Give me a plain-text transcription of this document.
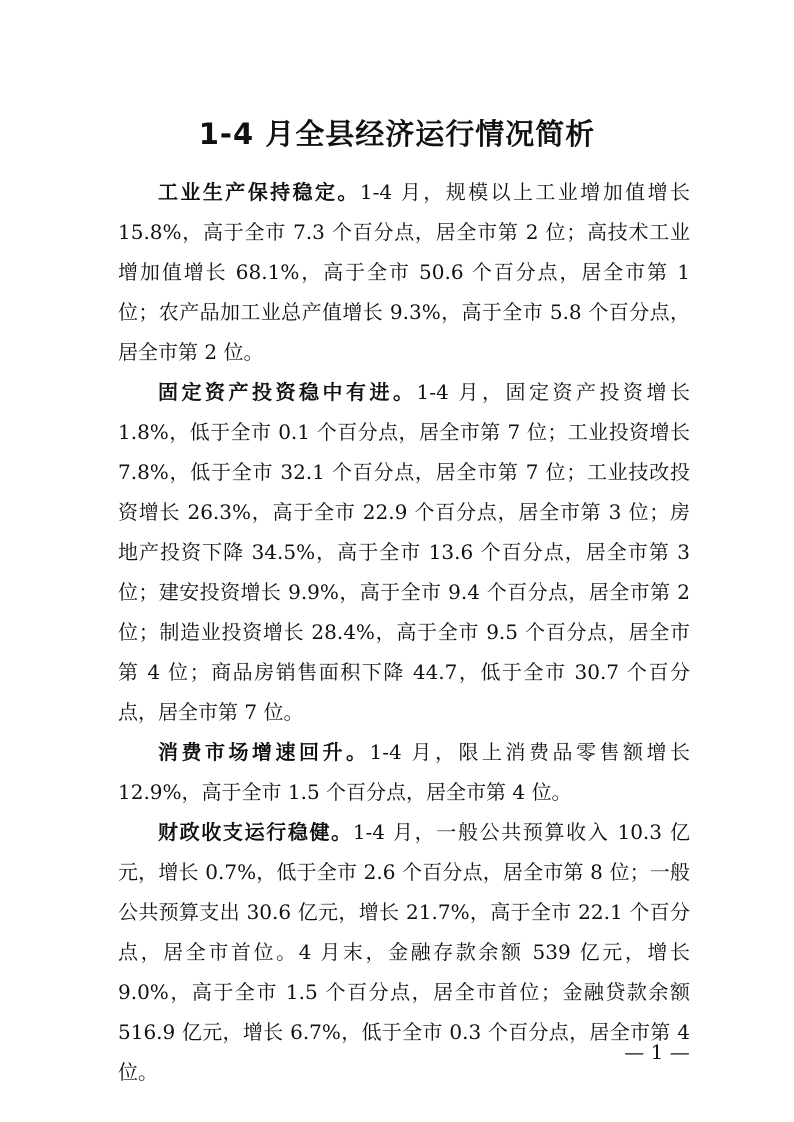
1-4 月全县经济运行情况简析

工业生产保持稳定。1-4 月，规模以上工业增加值增长 15.8%，高于全市 7.3 个百分点，居全市第 2 位；高技术工业增加值增长 68.1%，高于全市 50.6 个百分点，居全市第 1 位；农产品加工业总产值增长 9.3%，高于全市 5.8 个百分点，居全市第 2 位。

固定资产投资稳中有进。1-4 月，固定资产投资增长 1.8%，低于全市 0.1 个百分点，居全市第 7 位；工业投资增长 7.8%，低于全市 32.1 个百分点，居全市第 7 位；工业技改投资增长 26.3%，高于全市 22.9 个百分点，居全市第 3 位；房地产投资下降 34.5%，高于全市 13.6 个百分点，居全市第 3 位；建安投资增长 9.9%，高于全市 9.4 个百分点，居全市第 2 位；制造业投资增长 28.4%，高于全市 9.5 个百分点，居全市第 4 位；商品房销售面积下降 44.7，低于全市 30.7 个百分点，居全市第 7 位。

消费市场增速回升。1-4 月，限上消费品零售额增长 12.9%，高于全市 1.5 个百分点，居全市第 4 位。

财政收支运行稳健。1-4 月，一般公共预算收入 10.3 亿元，增长 0.7%，低于全市 2.6 个百分点，居全市第 8 位；一般公共预算支出 30.6 亿元，增长 21.7%，高于全市 22.1 个百分点，居全市首位。4 月末，金融存款余额 539 亿元，增长 9.0%，高于全市 1.5 个百分点，居全市首位；金融贷款余额 516.9 亿元，增长 6.7%，低于全市 0.3 个百分点，居全市第 4 位。

— 1 —
